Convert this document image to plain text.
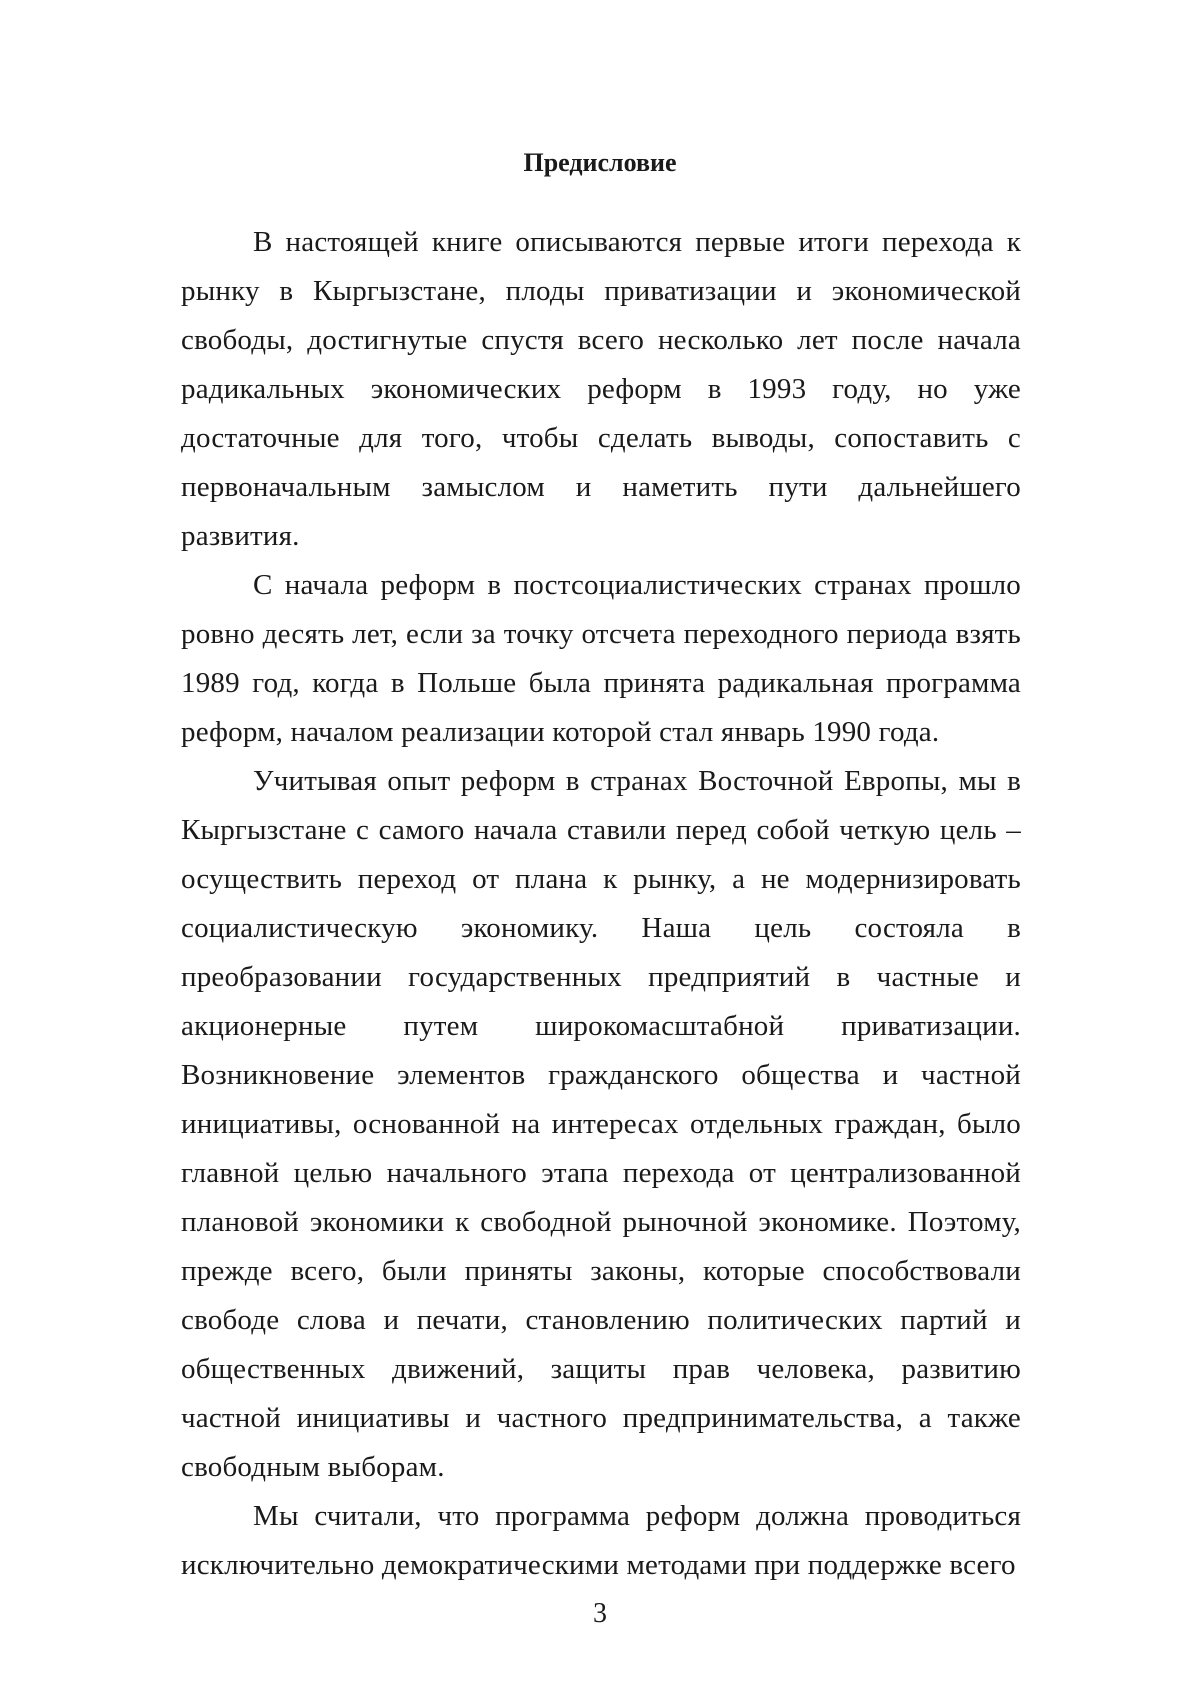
Предисловие

В настоящей книге описываются первые итоги перехода к рынку в Кыргызстане, плоды приватизации и экономической свободы, достигнутые спустя всего несколько лет после начала радикальных экономических реформ в 1993 году, но уже достаточные для того, чтобы сделать выводы, сопоставить с первоначальным замыслом и наметить пути дальнейшего развития.

С начала реформ в постсоциалистических странах прошло ровно десять лет, если за точку отсчета переходного периода взять 1989 год, когда в Польше была принята радикальная программа реформ, началом реализации которой стал январь 1990 года.

Учитывая опыт реформ в странах Восточной Европы, мы в Кыргызстане с самого начала ставили перед собой четкую цель – осуществить переход от плана к рынку, а не модернизировать социалистическую экономику. Наша цель состояла в преобразовании государственных предприятий в частные и акционерные путем широкомасштабной приватизации. Возникновение элементов гражданского общества и частной инициативы, основанной на интересах отдельных граждан, было главной целью начального этапа перехода от централизованной плановой экономики к свободной рыночной экономике. Поэтому, прежде всего, были приняты законы, которые способствовали свободе слова и печати, становлению политических партий и общественных движений, защиты прав человека, развитию частной инициативы и частного предпринимательства, а также свободным выборам.

Мы считали, что программа реформ должна проводиться исключительно демократическими методами при поддержке всего

3
